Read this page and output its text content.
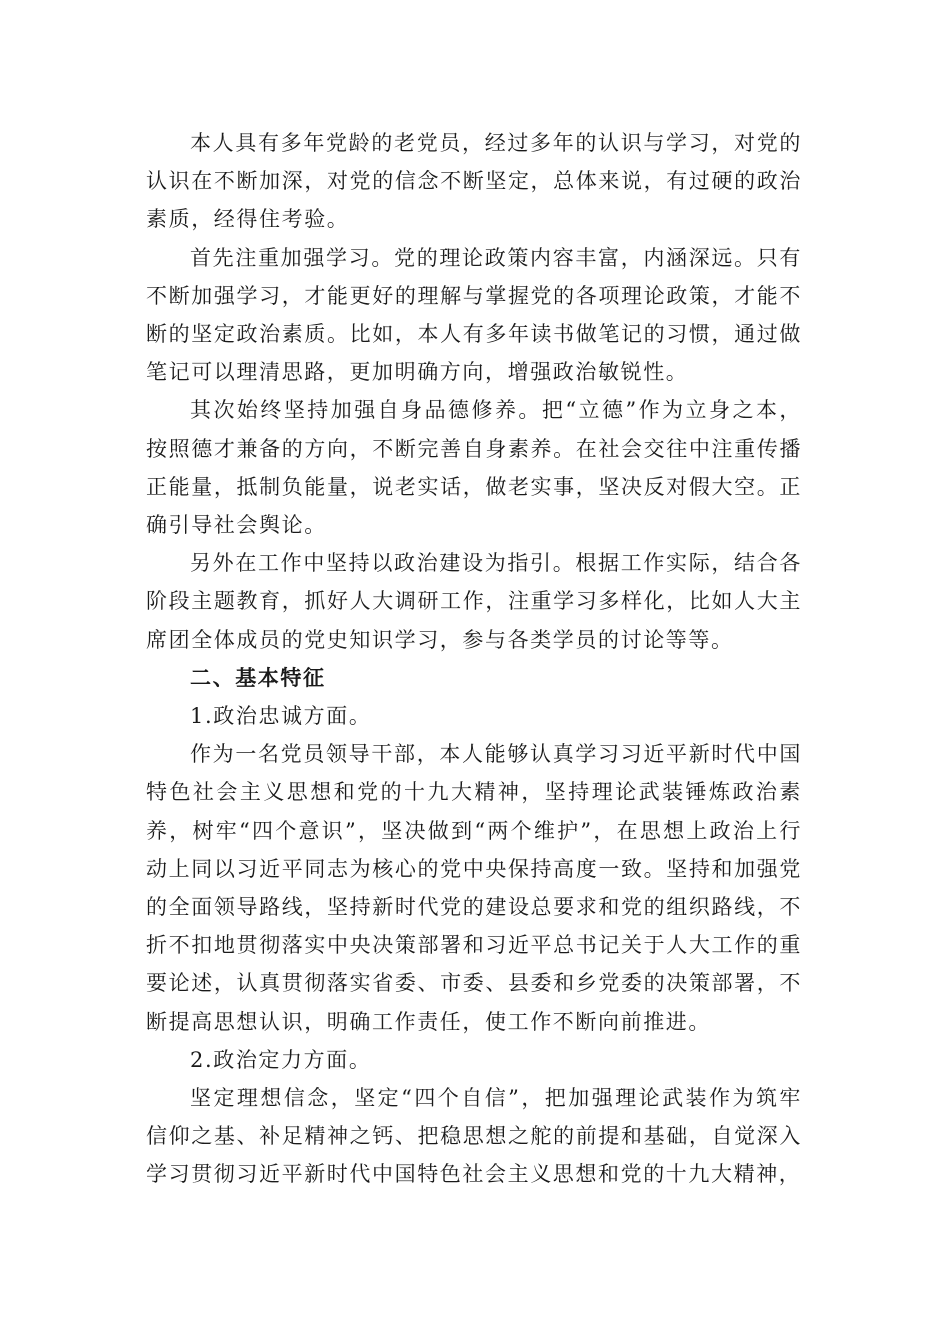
本人具有多年党龄的老党员，经过多年的认识与学习，对党的认识在不断加深，对党的信念不断坚定，总体来说，有过硬的政治素质，经得住考验。

首先注重加强学习。党的理论政策内容丰富，内涵深远。只有不断加强学习，才能更好的理解与掌握党的各项理论政策，才能不断的坚定政治素质。比如，本人有多年读书做笔记的习惯，通过做笔记可以理清思路，更加明确方向，增强政治敏锐性。

其次始终坚持加强自身品德修养。把“立德”作为立身之本，按照德才兼备的方向，不断完善自身素养。在社会交往中注重传播正能量，抵制负能量，说老实话，做老实事，坚决反对假大空。正确引导社会舆论。

另外在工作中坚持以政治建设为指引。根据工作实际，结合各阶段主题教育，抓好人大调研工作，注重学习多样化，比如人大主席团全体成员的党史知识学习，参与各类学员的讨论等等。

二、基本特征

1.政治忠诚方面。

作为一名党员领导干部，本人能够认真学习习近平新时代中国特色社会主义思想和党的十九大精神，坚持理论武装锤炼政治素养，树牢“四个意识”，坚决做到“两个维护”，在思想上政治上行动上同以习近平同志为核心的党中央保持高度一致。坚持和加强党的全面领导路线，坚持新时代党的建设总要求和党的组织路线，不折不扣地贯彻落实中央决策部署和习近平总书记关于人大工作的重要论述，认真贯彻落实省委、市委、县委和乡党委的决策部署，不断提高思想认识，明确工作责任，使工作不断向前推进。

2.政治定力方面。

坚定理想信念，坚定“四个自信”，把加强理论武装作为筑牢信仰之基、补足精神之钙、把稳思想之舵的前提和基础，自觉深入学习贯彻习近平新时代中国特色社会主义思想和党的十九大精神，
